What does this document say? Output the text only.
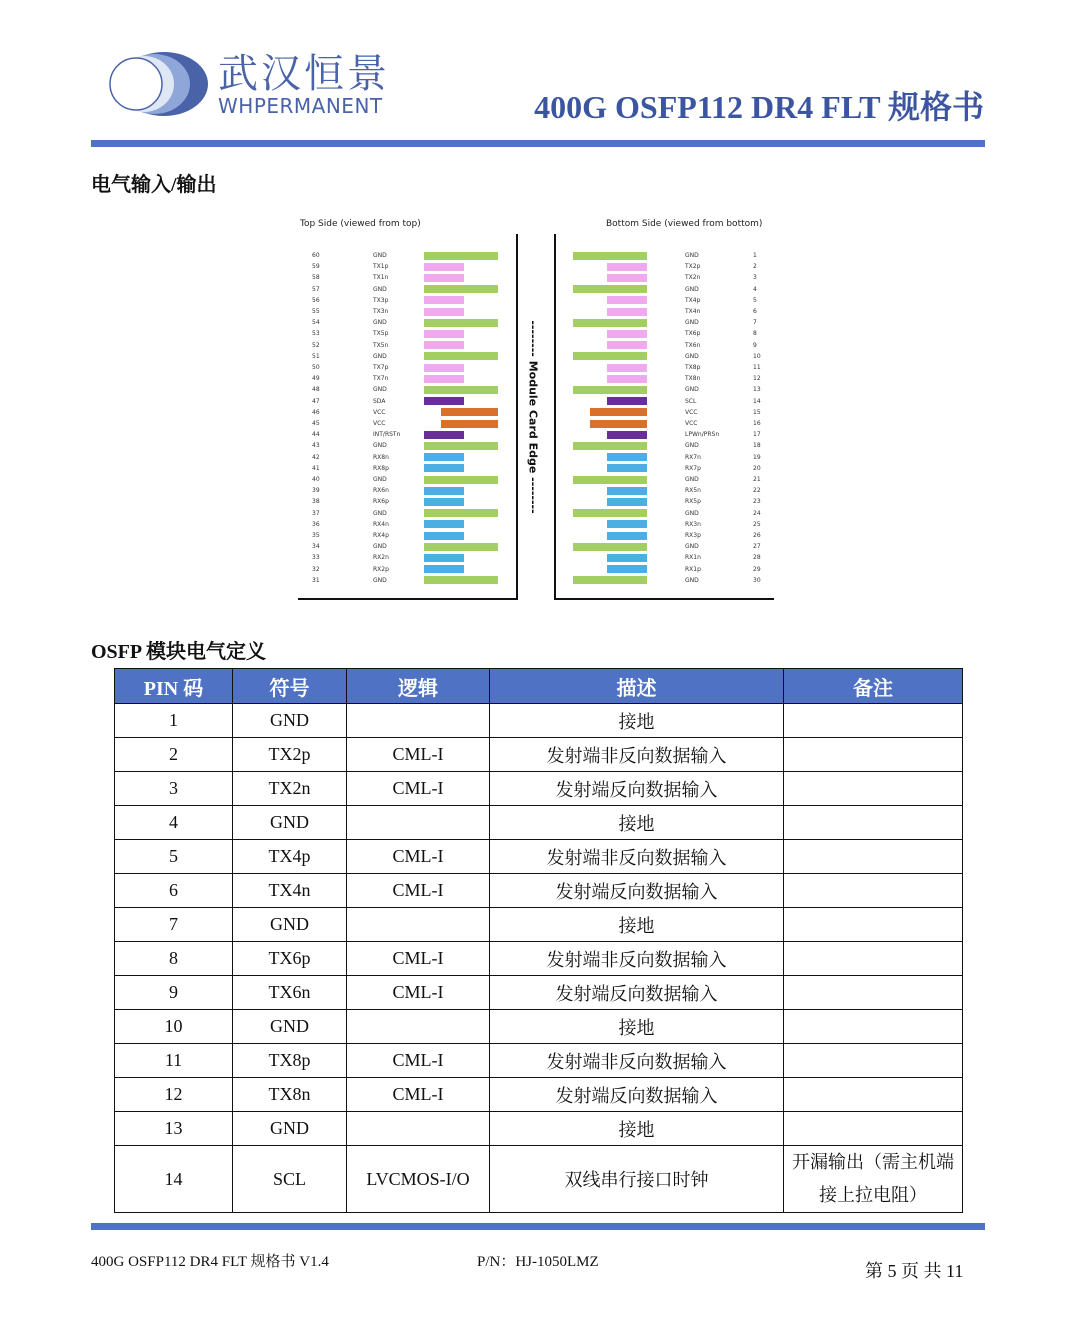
武汉恒景
WHPERMANENT	400G OSFP112 DR4 FLT 规格书
电气输入/输出
Top Side (viewed from top)
60	GND
59	TX1p
58	TX1n
57	GND
56	TX3p
55	TX3n
54	GND
53	TX5p
52	TX5n
51	GND
50	TX7p
49	TX7n
48	GND
47	SDA
46	VCC
45	VCC
44	INT/RSTn
43	GND
42	RX8n
41	RX8p
40	GND
39	RX6n
38	RX6p
37	GND
36	RX4n
35	RX4p
34	GND
33	RX2n
32	RX2p
31	GND
-------- Module Card Edge --------
Bottom Side (viewed from bottom)
1
GND
2
TX2p
3
TX2n
4
GND
5
TX4p
6
TX4n
7
GND
8
TX6p
9
TX6n
10
GND
11
TX8p
12
TX8n
13
GND
14
SCL
15
VCC
16
VCC
17
LPWn/PRSn
18
GND
19
RX7n
20
RX7p
21
GND
22
RX5n
23
RX5p
24
GND
25
RX3n
26
RX3p
27
GND
28
RX1n
29
RX1p
30
GND
OSFP 模块电气定义
PIN 码	符号	逻辑	描述	备注
1	GND		接地	
2	TX2p	CML-I	发射端非反向数据输入	
3	TX2n	CML-I	发射端反向数据输入	
4	GND		接地	
5	TX4p	CML-I	发射端非反向数据输入	
6	TX4n	CML-I	发射端反向数据输入	
7	GND		接地	
8	TX6p	CML-I	发射端非反向数据输入	
9	TX6n	CML-I	发射端反向数据输入	
10	GND		接地	
11	TX8p	CML-I	发射端非反向数据输入	
12	TX8n	CML-I	发射端反向数据输入	
13	GND		接地	
14	SCL	LVCMOS-I/O	双线串行接口时钟	开漏输出（需主机端接上拉电阻）
400G OSFP112 DR4 FLT 规格书 V1.4	P/N：HJ-1050LMZ	第 5 页 共 11
